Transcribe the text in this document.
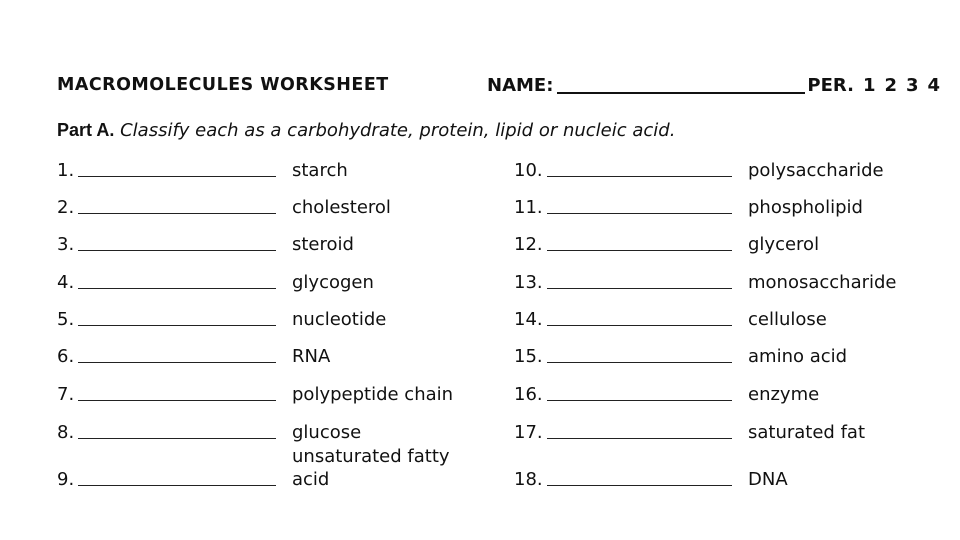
MACROMOLECULES WORKSHEET	NAME:	PER. 1 2 3 4
Part A. Classify each as a carbohydrate, protein, lipid or nucleic acid.
1.	starch
2.	cholesterol
3.	steroid
4.	glycogen
5.	nucleotide
6.	RNA
7.	polypeptide chain
8.	glucose
9.
unsaturated fatty acid
10.	polysaccharide
11.	phospholipid
12.	glycerol
13.	monosaccharide
14.	cellulose
15.	amino acid
16.	enzyme
17.	saturated fat
18.	DNA
